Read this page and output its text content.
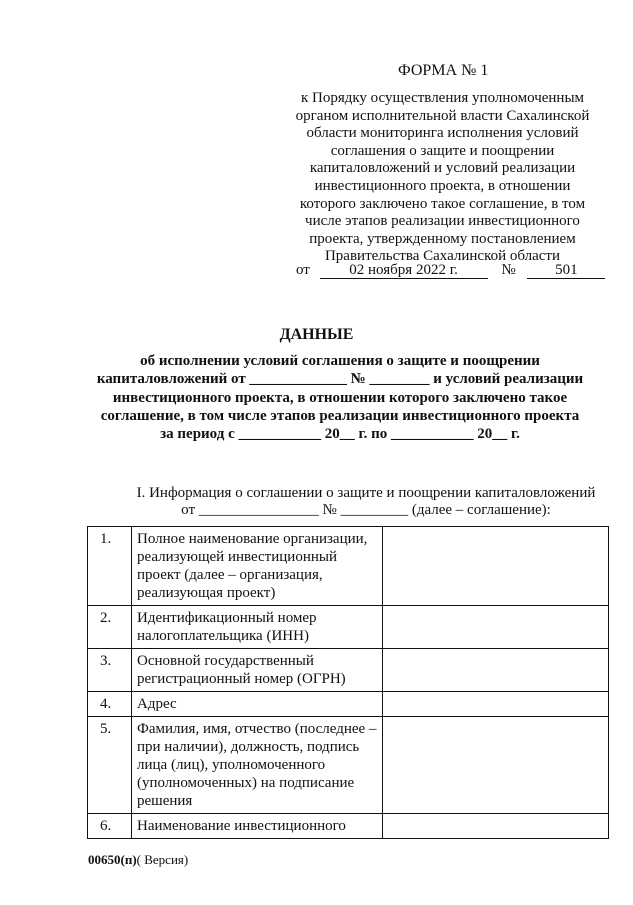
ФОРМА № 1
к Порядку осуществления уполномоченным
органом исполнительной власти Сахалинской
области мониторинга исполнения условий
соглашения о защите и поощрении
капиталовложений и условий реализации
инвестиционного проекта, в отношении
которого заключено такое соглашение, в том
числе этапов реализации инвестиционного
проекта, утвержденному постановлением
Правительства Сахалинской области
от	02 ноября 2022 г.	№	501
ДАННЫЕ
об исполнении условий соглашения о защите и поощрении
капиталовложений от _____________ № ________ и условий реализации
инвестиционного проекта, в отношении которого заключено такое
соглашение, в том числе этапов реализации инвестиционного проекта
за период с ___________ 20__ г. по ___________ 20__ г.
I. Информация о соглашении о защите и поощрении капиталовложений
от ________________ № _________ (далее – соглашение):
1.	Полное наименование организации, реализующей инвестиционный проект (далее – организация, реализующая проект)	
2.	Идентификационный номер налогоплательщика (ИНН)	
3.	Основной государственный регистрационный номер (ОГРН)	
4.	Адрес	
5.	Фамилия, имя, отчество (последнее – при наличии), должность, подпись лица (лиц), уполномоченного (уполномоченных) на подписание решения	
6.	Наименование инвестиционного	
00650(п)( Версия)
